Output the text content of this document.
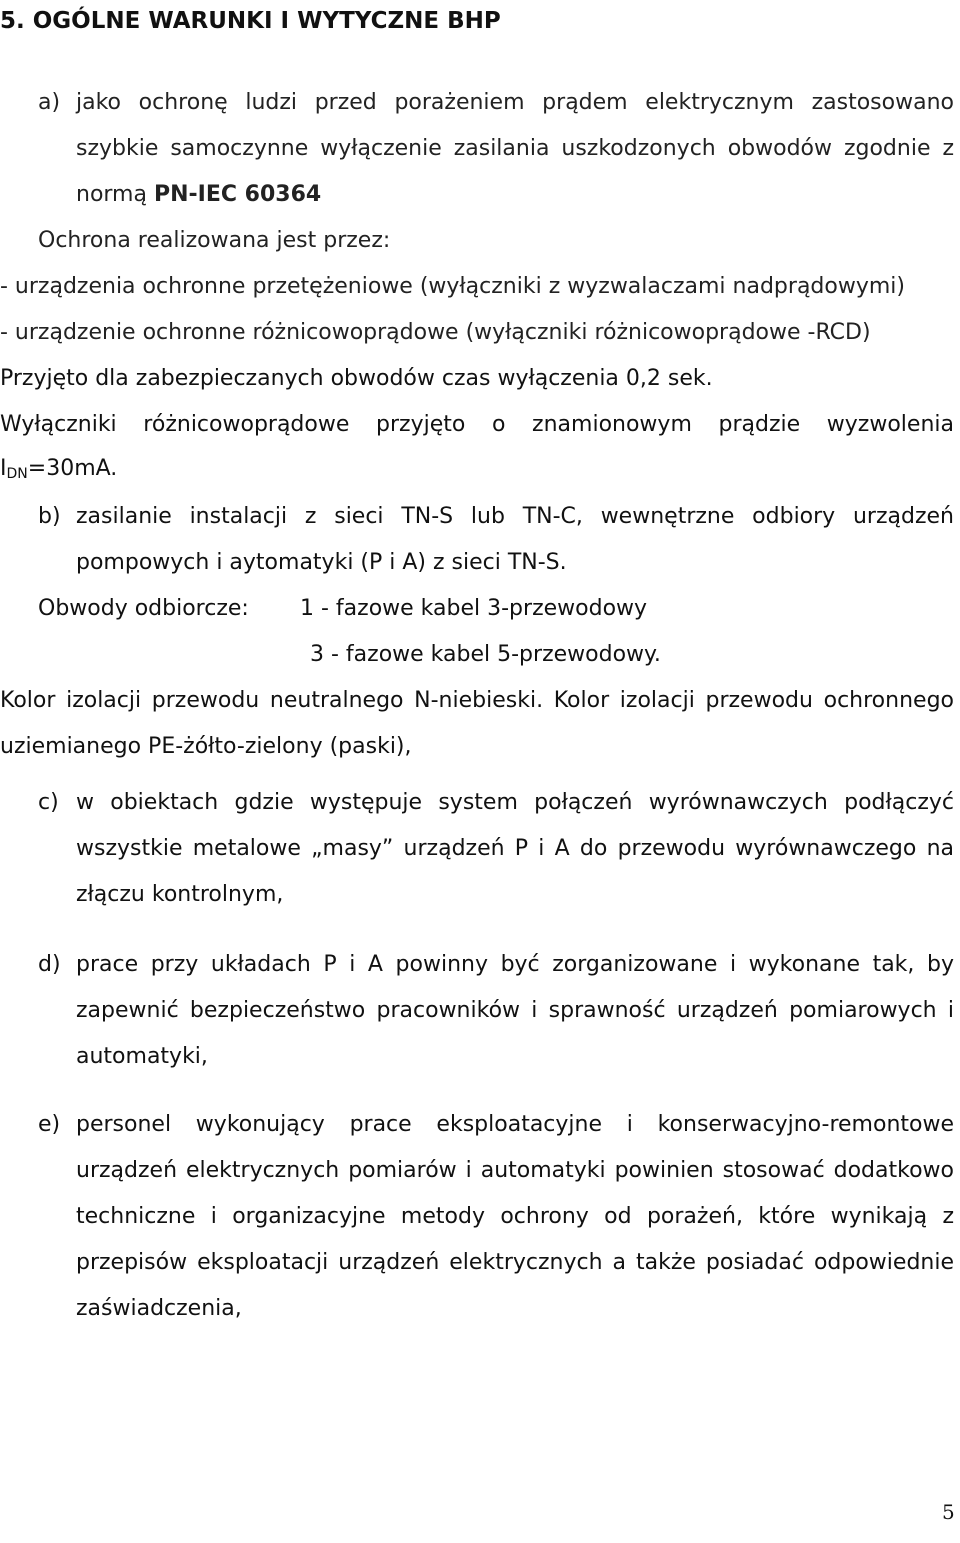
5. OGÓLNE WARUNKI I WYTYCZNE BHP
a) jako ochronę ludzi przed porażeniem prądem elektrycznym zastosowano
szybkie samoczynne wyłączenie zasilania uszkodzonych obwodów zgodnie z
normą PN-IEC 60364
Ochrona realizowana jest przez:
- urządzenia ochronne przetężeniowe (wyłączniki z wyzwalaczami nadprądowymi)
- urządzenie ochronne różnicowoprądowe (wyłączniki różnicowoprądowe -RCD)
Przyjęto dla zabezpieczanych obwodów czas wyłączenia 0,2 sek.
Wyłączniki różnicowoprądowe przyjęto o znamionowym prądzie wyzwolenia
$I_{DN}=30mA$.
b) zasilanie instalacji z sieci TN-S lub TN-C, wewnętrzne odbiory urządzeń
pompowych i aytomatyki (P i A) z sieci TN-S.
Obwody odbiorcze: 1 - fazowe kabel 3-przewodowy
3 - fazowe kabel 5-przewodowy.
Kolor izolacji przewodu neutralnego N-niebieski. Kolor izolacji przewodu ochronnego
uziemianego PE-żółto-zielony (paski),
c) w obiektach gdzie występuje system połączeń wyrównawczych podłączyć
wszystkie metalowe „masy” urządzeń P i A do przewodu wyrównawczego na
złączu kontrolnym,
d) prace przy układach P i A powinny być zorganizowane i wykonane tak, by
zapewnić bezpieczeństwo pracowników i sprawność urządzeń pomiarowych i
automatyki,
e) personel wykonujący prace eksploatacyjne i konserwacyjno-remontowe
urządzeń elektrycznych pomiarów i automatyki powinien stosować dodatkowo
techniczne i organizacyjne metody ochrony od porażeń, które wynikają z
przepisów eksploatacji urządzeń elektrycznych a także posiadać odpowiednie
zaświadczenia,
5
